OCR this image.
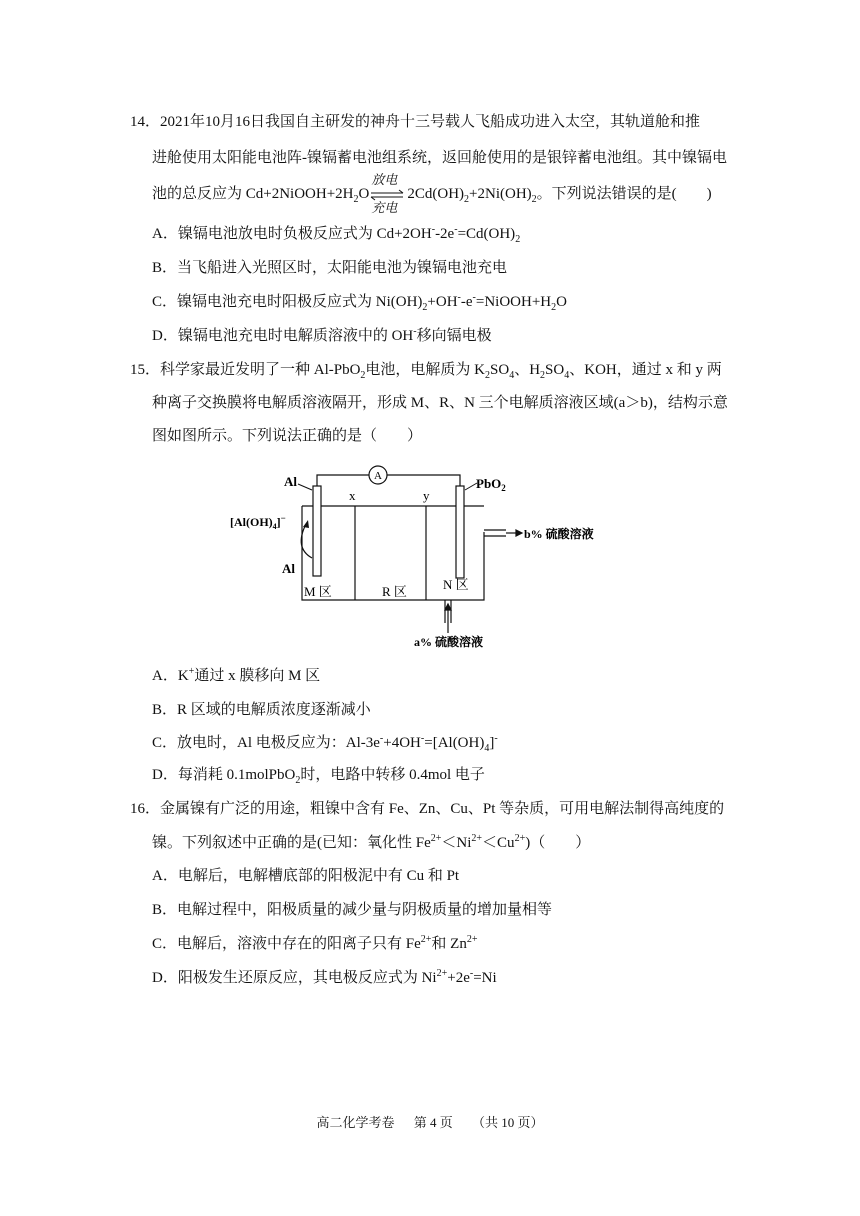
14．2021年10月16日我国自主研发的神舟十三号载人飞船成功进入太空，其轨道舱和推
进舱使用太阳能电池阵-镍镉蓄电池组系统，返回舱使用的是银锌蓄电池组。其中镍镉电
池的总反应为 $Cd+2NiOOH+2H_2O$
放电
充电
$2Cd(OH)_2+2Ni(OH)_2$。下列说法错误的是(　　)
A．镍镉电池放电时负极反应式为 $Cd+2OH^--2e^-=Cd(OH)_2$
B．当飞船进入光照区时，太阳能电池为镍镉电池充电
C．镍镉电池充电时阳极反应式为 $Ni(OH)_2+OH^--e^-=NiOOH+H_2O$
D．镍镉电池充电时电解质溶液中的 OH-移向镉电极
15．科学家最近发明了一种 Al-PbO$_2$电池，电解质为 $K_2SO_4$、$H_2SO_4$、KOH，通过 x 和 y 两
种离子交换膜将电解质溶液隔开，形成 M、R、N 三个电解质溶液区域(a＞b)，结构示意
图如图所示。下列说法正确的是（　　）
A
Al
x	y
PbO$_2$
$[Al(OH)_4]^-$
Al
b% 硫酸溶液
M 区	R 区	N 区
a% 硫酸溶液
A．K+通过 x 膜移向 M 区
B．R 区域的电解质浓度逐渐减小
C．放电时，Al 电极反应为：$Al-3e^-+4OH^-=[Al(OH)_4]^-$
D．每消耗 0.1molPbO$_2$时，电路中转移 0.4mol 电子
16．金属镍有广泛的用途，粗镍中含有 Fe、Zn、Cu、Pt 等杂质，可用电解法制得高纯度的
镍。下列叙述中正确的是(已知：氧化性 $Fe^{2+}<Ni^{2+}<Cu^{2+}$)（　　）
A．电解后，电解槽底部的阳极泥中有 Cu 和 Pt
B．电解过程中，阳极质量的减少量与阴极质量的增加量相等
C．电解后，溶液中存在的阳离子只有 $Fe^{2+}$和 $Zn^{2+}$
D．阳极发生还原反应，其电极反应式为 $Ni^{2+}+2e^-=Ni$
高二化学考卷 第 4 页 （共 10 页）
